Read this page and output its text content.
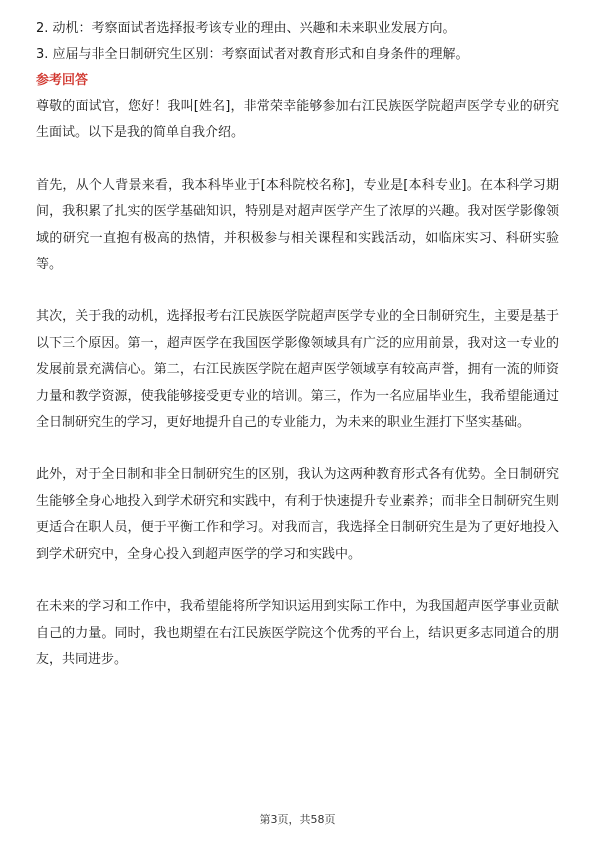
2. 动机：考察面试者选择报考该专业的理由、兴趣和未来职业发展方向。
3. 应届与非全日制研究生区别：考察面试者对教育形式和自身条件的理解。
参考回答

尊敬的面试官，您好！我叫[姓名]，非常荣幸能够参加右江民族医学院超声医学专业的研究生面试。以下是我的简单自我介绍。

首先，从个人背景来看，我本科毕业于[本科院校名称]，专业是[本科专业]。在本科学习期间，我积累了扎实的医学基础知识，特别是对超声医学产生了浓厚的兴趣。我对医学影像领域的研究一直抱有极高的热情，并积极参与相关课程和实践活动，如临床实习、科研实验等。

其次，关于我的动机，选择报考右江民族医学院超声医学专业的全日制研究生，主要是基于以下三个原因。第一，超声医学在我国医学影像领域具有广泛的应用前景，我对这一专业的发展前景充满信心。第二，右江民族医学院在超声医学领域享有较高声誉，拥有一流的师资力量和教学资源，使我能够接受更专业的培训。第三，作为一名应届毕业生，我希望能通过全日制研究生的学习，更好地提升自己的专业能力，为未来的职业生涯打下坚实基础。

此外，对于全日制和非全日制研究生的区别，我认为这两种教育形式各有优势。全日制研究生能够全身心地投入到学术研究和实践中，有利于快速提升专业素养；而非全日制研究生则更适合在职人员，便于平衡工作和学习。对我而言，我选择全日制研究生是为了更好地投入到学术研究中，全身心投入到超声医学的学习和实践中。

在未来的学习和工作中，我希望能将所学知识运用到实际工作中，为我国超声医学事业贡献自己的力量。同时，我也期望在右江民族医学院这个优秀的平台上，结识更多志同道合的朋友，共同进步。

第3页，共58页
